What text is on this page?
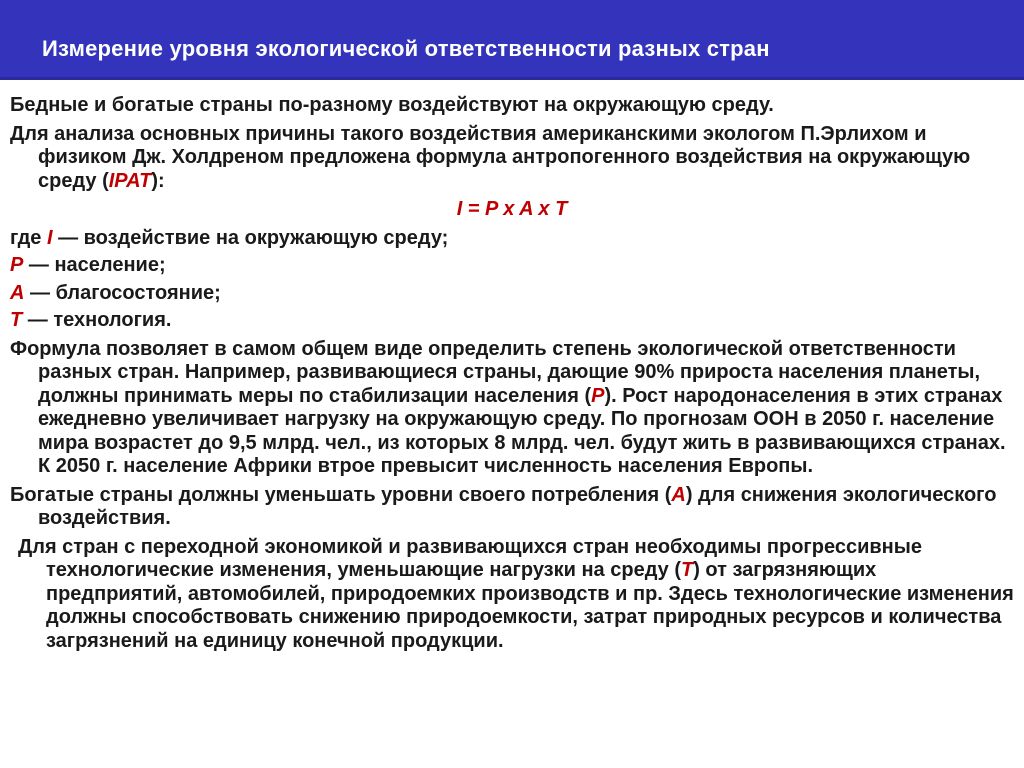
Измерение уровня экологической ответственности разных стран

Бедные и богатые страны по-разному воздействуют на окружающую среду.

Для анализа основных причины такого воздействия американскими экологом П.Эрлихом и физиком Дж. Холдреном предложена формула антропогенного воздействия на окружающую среду (IPAT):

I = P x A x T

где I — воздействие на окружающую среду;

P — население;

A — благосостояние;

T — технология.

Формула позволяет в самом общем виде определить степень экологической ответственности разных стран. Например, развивающиеся страны, дающие 90% прироста населения планеты, должны принимать меры по стабилизации населения (P). Рост народонаселения в этих странах ежедневно увеличивает нагрузку на окружающую среду. По прогнозам ООН в 2050 г. население мира возрастет до 9,5 млрд. чел., из которых 8 млрд. чел. будут жить в развивающихся странах. К 2050 г. население Африки втрое превысит численность населения Европы.

Богатые страны должны уменьшать уровни своего потребления (A) для снижения экологического воздействия.

Для стран с переходной экономикой и развивающихся стран необходимы прогрессивные технологические изменения, уменьшающие нагрузки на среду (T) от загрязняющих предприятий, автомобилей, природоемких производств и пр. Здесь технологические изменения должны способствовать снижению природоемкости, затрат природных ресурсов и количества загрязнений на единицу конечной продукции.
